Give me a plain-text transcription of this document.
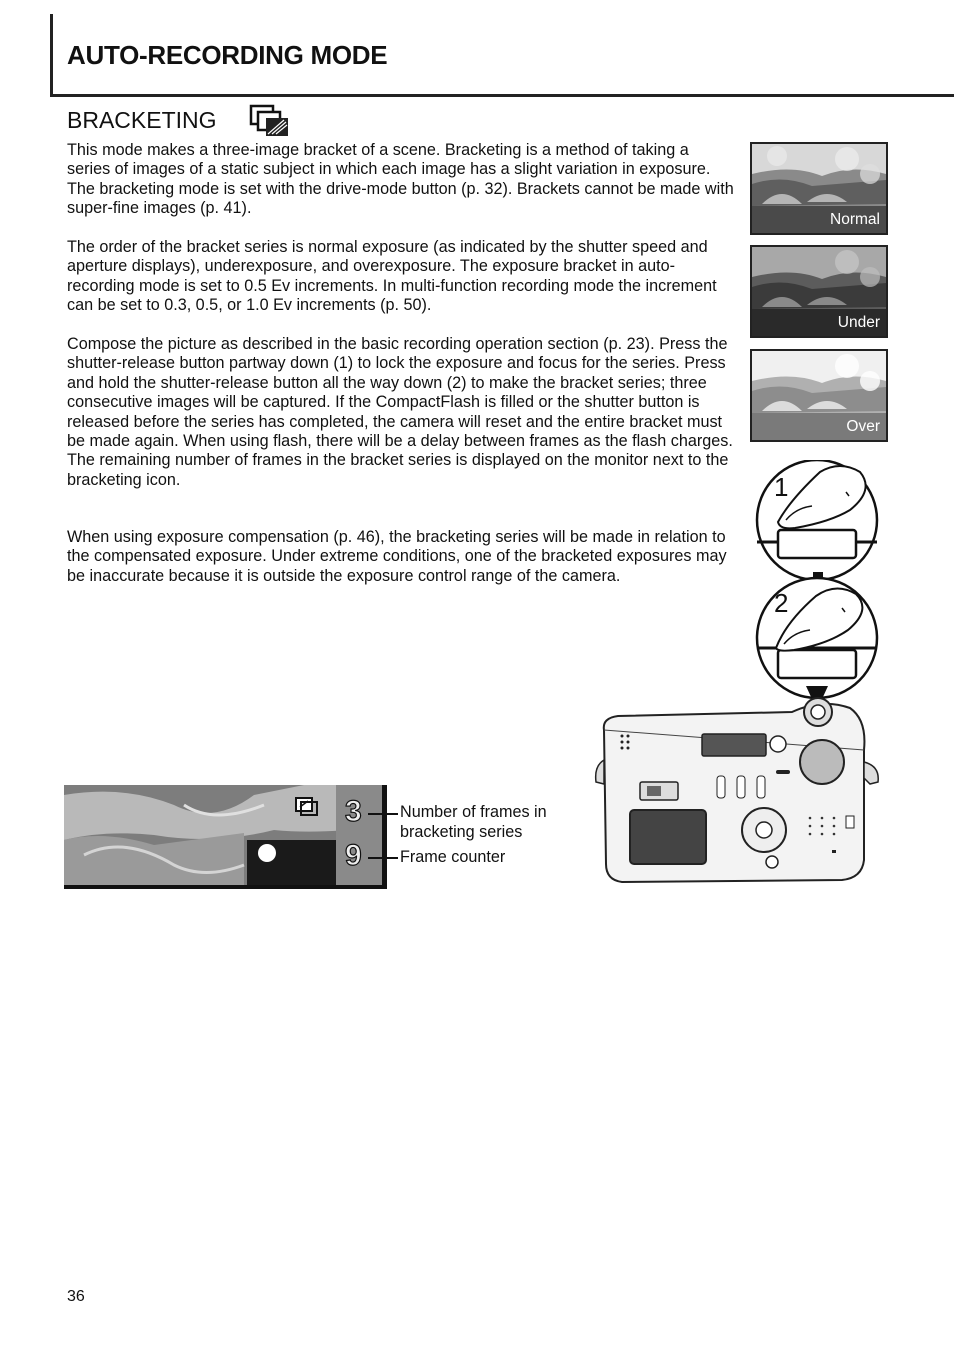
AUTO-RECORDING MODE
BRACKETING
This mode makes a three-image bracket of a scene. Bracketing is a method of taking a series of images of a static subject in which each image has a slight variation in exposure. The bracketing mode is set with the drive-mode button (p. 32). Brackets cannot be made with super-fine images (p. 41).
The order of the bracket series is normal exposure (as indicated by the shutter speed and aperture displays), underexposure, and overexposure. The exposure bracket in auto-recording mode is set to 0.5 Ev increments. In multi-function recording mode the increment can be set to 0.3, 0.5, or 1.0 Ev increments (p. 50).
Compose the picture as described in the basic recording operation section (p. 23). Press the shutter-release button partway down (1) to lock the exposure and focus for the series. Press and hold the shutter-release button all the way down (2) to make the bracket series; three consecutive images will be captured. If the CompactFlash is filled or the shutter button is released before the series has completed, the camera will reset and the entire bracket must be made again. When using flash, there will be a delay between frames as the flash charges. The remaining number of frames in the bracket series is displayed on the monitor next to the bracketing icon.
When using exposure compensation (p. 46), the bracketing series will be made in relation to the compensated exposure. Under extreme conditions, one of the bracketed exposures may be inaccurate because it is outside the exposure control range of the camera.
Normal
Under
Over
1
2
3
9
Number of frames in bracketing series
Frame counter
36
